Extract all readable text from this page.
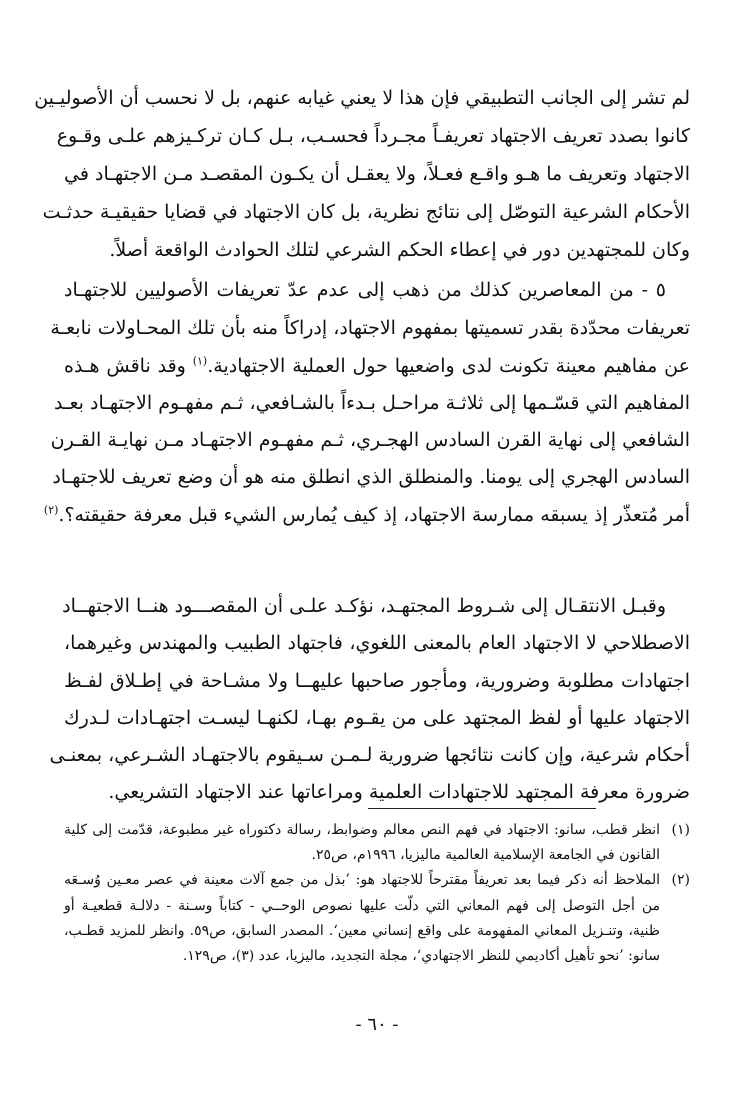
لم تشر إلى الجانب التطبيقي فإن هذا لا يعني غيابه عنهم، بل لا نحسب أن الأصوليـين
كانوا بصدد تعريف الاجتهاد تعريفـاً مجـرداً فحسـب، بـل كـان تركـيزهم علـى وقـوع
الاجتهاد وتعريف ما هـو واقـع فعـلاً، ولا يعقـل أن يكـون المقصـد مـن الاجتهـاد في
الأحكام الشرعية التوصّل إلى نتائج نظرية، بل كان الاجتهاد في قضايا حقيقيـة حدثـت
وكان للمجتهدين دور في إعطاء الحكم الشرعي لتلك الحوادث الواقعة أصلاً.
٥ - من المعاصرين كذلك من ذهب إلى عدم عدّ تعريفات الأصوليين للاجتهـاد
تعريفات محدّدة بقدر تسميتها بمفهوم الاجتهاد، إدراكاً منه بأن تلك المحـاولات نابعـة
عن مفاهيم معينة تكونت لدى واضعيها حول العملية الاجتهادية.$^{(١)}$ وقد ناقش هـذه
المفاهيم التي قسّـمها إلى ثلاثـة مراحـل بـدءاً بالشـافعي، ثـم مفهـوم الاجتهـاد بعـد
الشافعي إلى نهاية القرن السادس الهجـري، ثـم مفهـوم الاجتهـاد مـن نهايـة القـرن
السادس الهجري إلى يومنا. والمنطلق الذي انطلق منه هو أن وضع تعريف للاجتهـاد
أمر مُتعذّر إذ يسبقه ممارسة الاجتهاد، إذ كيف يُمارس الشيء قبل معرفة حقيقته؟.$^{(٢)}$
وقبـل الانتقـال إلى شـروط المجتهـد، نؤكـد علـى أن المقصـــود هنــا الاجتهــاد
الاصطلاحي لا الاجتهاد العام بالمعنى اللغوي، فاجتهاد الطبيب والمهندس وغيرهما،
اجتهادات مطلوبة وضرورية، ومأجور صاحبها عليهــا ولا مشـاحة في إطـلاق لفـظ
الاجتهاد عليها أو لفظ المجتهد على من يقـوم بهـا، لكنهـا ليسـت اجتهـادات لـدرك
أحكام شرعية، وإن كانت نتائجها ضرورية لـمـن سـيقوم بالاجتهـاد الشـرعي، بمعنـى
ضرورة معرفة المجتهد للاجتهادات العلمية ومراعاتها عند الاجتهاد التشريعي.
(١)
انظر قطب، سانو: الاجتهاد في فهم النص معالم وضوابط، رسالة دكتوراه غير مطبوعة، قدّمت إلى كلية
القانون في الجامعة الإسلامية العالمية ماليزيا، ١٩٩٦م، ص٢٥.
(٢)
الملاحظ أنه ذكر فيما بعد تعريفاً مقترحاً للاجتهاد هو: ’بذل من جمع آلات معينة في عصر معـين وُسـعَه
من أجل التوصل إلى فهم المعاني التي دلّت عليها نصوص الوحــي - كتاباً وسـنة - دلالـة قطعيـة أو
ظنية، وتنـزيل المعاني المفهومة على واقع إنساني معين‘. المصدر السابق، ص٥٩. وانظر للمزيد قطـب،
سانو: ’نحو تأهيل أكاديمي للنظر الاجتهادي‘، مجلة التجديد، ماليزيا، عدد (٣)، ص١٢٩.
- ٦٠ -
